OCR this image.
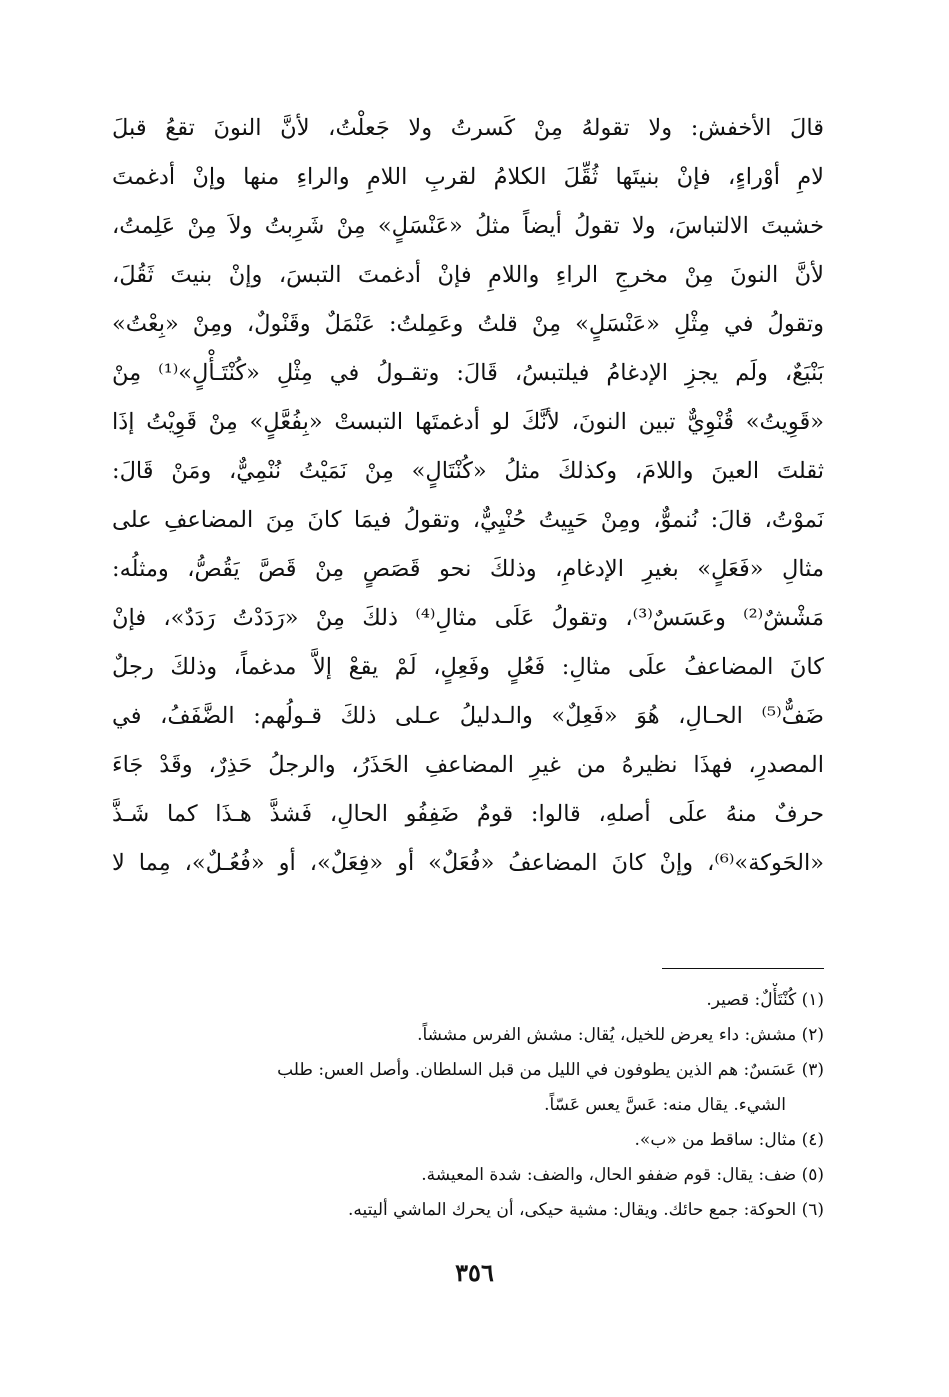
قالَ الأخفش: ولا تقولهُ مِنْ كَسرتُ ولا جَعلْتُ، لأنَّ النونَ تقعُ قبلَ
لامِ أوْراءٍ، فإنْ بنيتَها ثُقِّلَ الكلامُ لقربِ اللامِ والراءِ منها وإنْ أدغمتَ
خشيتَ الالتباسَ، ولا تقولُ أيضاً مثلُ «عَنْسَلٍ» مِنْ شَرِبتُ ولاَ مِنْ عَلِمتُ،
لأنَّ النونَ مِنْ مخرجِ الراءِ واللامِ فإنْ أدغمتَ التبسَ، وإنْ بنيتَ ثَقُلَ،
وتقولُ في مِثْلِ «عَنْسَلٍ» مِنْ قلتُ وعَمِلتُ: عَنْمَلٌ وقَنْولٌ، ومِنْ «بِعْتُ»
بَنْيَعٌ، ولَم يجزِ الإدغامُ فيلتبسُ، قَالَ: وتقـولُ في مِثْلِ «كُنْتَـأْلٍ»⁽¹⁾ مِنْ
«قَوِيتُ» قُنْوِيٌّ تبين النونَ، لأنَّكَ لو أدغمتَها التبستْ «بِفُعَّلٍ» مِنْ قَوِيْتُ إذَا
ثقلتَ العينَ واللامَ، وكذلكَ مثلُ «كُنْتَالٍ» مِنْ نَمَيْتُ نُنْمِيٌّ، ومَنْ قَالَ:
نَموْتُ، قالَ: نُنموٌّ، ومِنْ حَيِيتُ حُنْيِيٌّ، وتقولُ فيمَا كانَ مِنَ المضاعفِ على
مثالِ «فَعَلٍ» بغيرِ الإدغامِ، وذلكَ نحو قَصَصٍ مِنْ قَصَّ يَقُصُّ، ومثلُه:
مَشْشٌ⁽²⁾ وعَسَسٌ⁽³⁾، وتقولُ عَلَى مثالِ⁽⁴⁾ ذلكَ مِنْ «رَدَدْتُ رَدَدٌ»، فإنْ
كانَ المضاعفُ علَى مثالِ: فَعُلٍ وفَعِلٍ، لَمْ يقعْ إلاَّ مدغماً، وذلكَ رجلٌ
ضَفٌّ⁽⁵⁾ الحـالِ، هُوَ «فَعِلٌ» والـدليلُ عـلى ذلكَ قـولُهم: الضَّفَفُ، في
المصدرِ، فهذَا نظيرهُ من غيرِ المضاعفِ الحَذَرُ، والرجلُ حَذِرٌ، وقَدْ جَاءَ
حرفٌ منهُ علَى أصلهِ، قالوا: قومٌ ضَفِفُو الحالِ، فَشذَّ هـذَا كما شَـذَّ
«الحَوكة»⁽⁶⁾، وإنْ كانَ المضاعفُ «فُعَلٌ» أو «فِعَلٌ»، أو «فُعُـلٌ»، مِما لا
(١) كُنْتَأْلٌ: قصير.
(٢) مشش: داء يعرض للخيل، يُقال: مشش الفرس مششاً.
(٣) عَسَسٌ: هم الذين يطوفون في الليل من قبل السلطان. وأصل العس: طلب
الشيء. يقال منه: عَسَّ يعس عَسّاً.
(٤) مثال: ساقط من «ب».
(٥) ضف: يقال: قوم ضففو الحال، والضف: شدة المعيشة.
(٦) الحوكة: جمع حائك. ويقال: مشية حيكى، أن يحرك الماشي أليتيه.
٣٥٦
